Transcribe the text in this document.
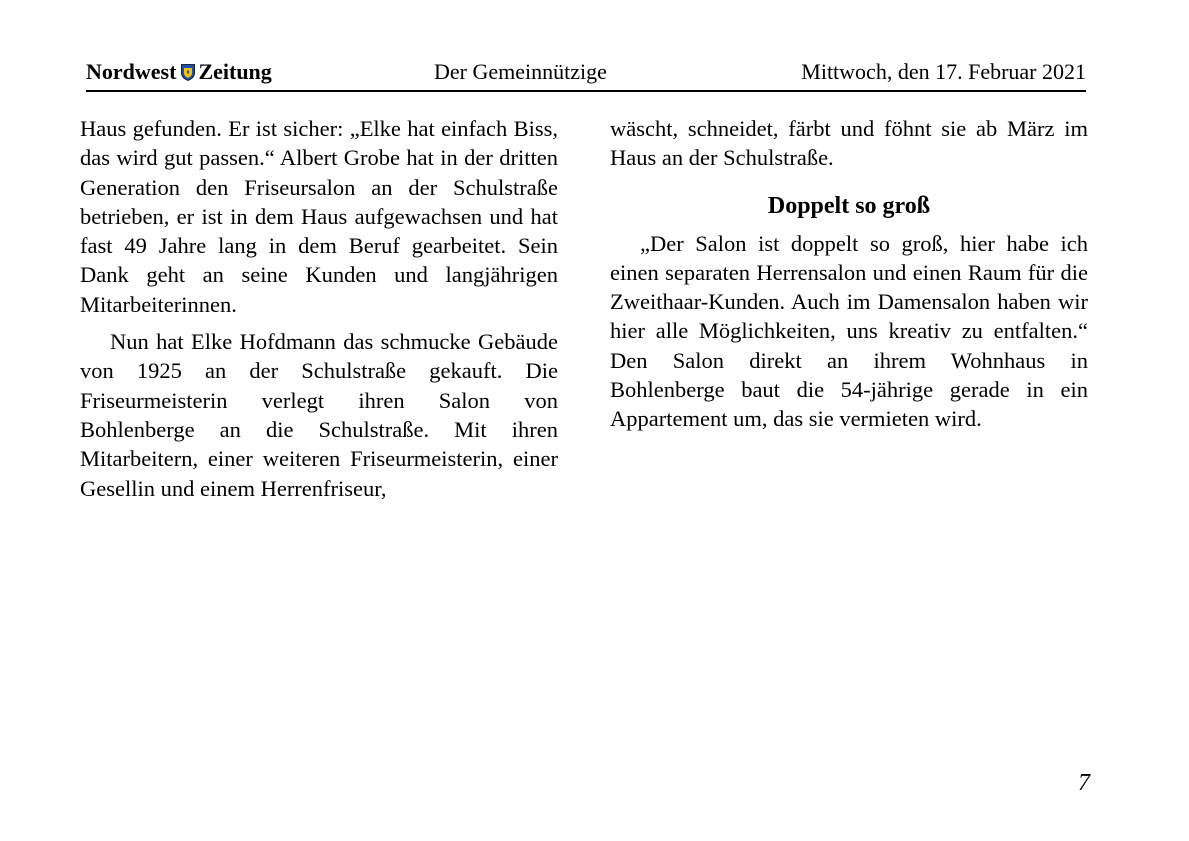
Nordwest Zeitung	Der Gemeinnützige	Mittwoch, den 17. Februar 2021

Haus gefunden. Er ist sicher: „Elke hat einfach Biss, das wird gut passen.“ Albert Grobe hat in der dritten Generation den Friseursalon an der Schulstraße betrieben, er ist in dem Haus aufgewachsen und hat fast 49 Jahre lang in dem Beruf gearbeitet. Sein Dank geht an seine Kunden und langjährigen Mitarbeiterinnen.

Nun hat Elke Hofdmann das schmucke Gebäude von 1925 an der Schulstraße gekauft. Die Friseurmeisterin verlegt ihren Salon von Bohlenberge an die Schulstraße. Mit ihren Mitarbeitern, einer weiteren Friseurmeisterin, einer Gesellin und einem Herrenfriseur,

wäscht, schneidet, färbt und föhnt sie ab März im Haus an der Schulstraße.

Doppelt so groß

„Der Salon ist doppelt so groß, hier habe ich einen separaten Herrensalon und einen Raum für die Zweithaar-Kunden. Auch im Damensalon haben wir hier alle Möglichkeiten, uns kreativ zu entfalten.“ Den Salon direkt an ihrem Wohnhaus in Bohlenberge baut die 54-jährige gerade in ein Appartement um, das sie vermieten wird.

7
